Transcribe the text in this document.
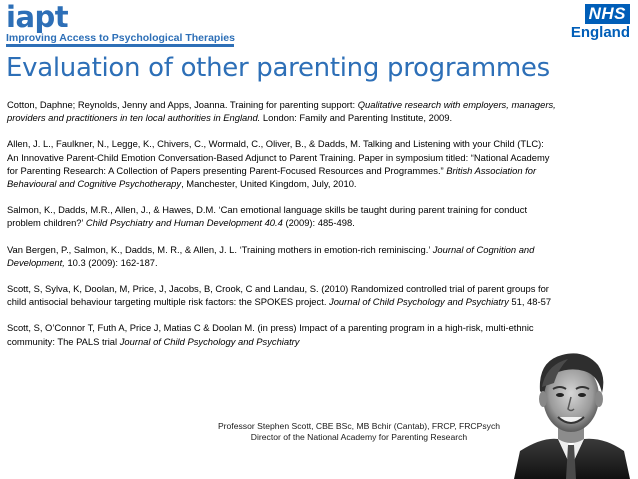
iapt
Improving Access to Psychological Therapies
NHS
England
Evaluation of other parenting programmes

Cotton, Daphne; Reynolds, Jenny and Apps, Joanna. Training for parenting support: Qualitative research with employers, managers, providers and practitioners in ten local authorities in England. London: Family and Parenting Institute, 2009.

Allen, J. L., Faulkner, N., Legge, K., Chivers, C., Wormald, C., Oliver, B., & Dadds, M. Talking and Listening with your Child (TLC): An Innovative Parent-Child Emotion Conversation-Based Adjunct to Parent Training. Paper in symposium titled: “National Academy for Parenting Research: A Collection of Papers presenting Parent-Focused Resources and Programmes.” British Association for Behavioural and Cognitive Psychotherapy, Manchester, United Kingdom, July, 2010.

Salmon, K., Dadds, M.R., Allen, J., & Hawes, D.M. ‘Can emotional language skills be taught during parent training for conduct problem children?’ Child Psychiatry and Human Development 40.4 (2009): 485-498.

Van Bergen, P., Salmon, K., Dadds, M. R., & Allen, J. L. ‘Training mothers in emotion-rich reminiscing.’ Journal of Cognition and Development, 10.3 (2009): 162-187.

Scott, S, Sylva, K, Doolan, M, Price, J, Jacobs, B, Crook, C and Landau, S. (2010) Randomized controlled trial of parent groups for child antisocial behaviour targeting multiple risk factors: the SPOKES project. Journal of Child Psychology and Psychiatry 51, 48-57

Scott, S, O’Connor T, Futh A, Price J, Matias C & Doolan M. (in press) Impact of a parenting program in a high-risk, multi-ethnic community: The PALS trial Journal of Child Psychology and Psychiatry

Professor Stephen Scott, CBE BSc, MB Bchir (Cantab), FRCP, FRCPsych
Director of the National Academy for Parenting Research
